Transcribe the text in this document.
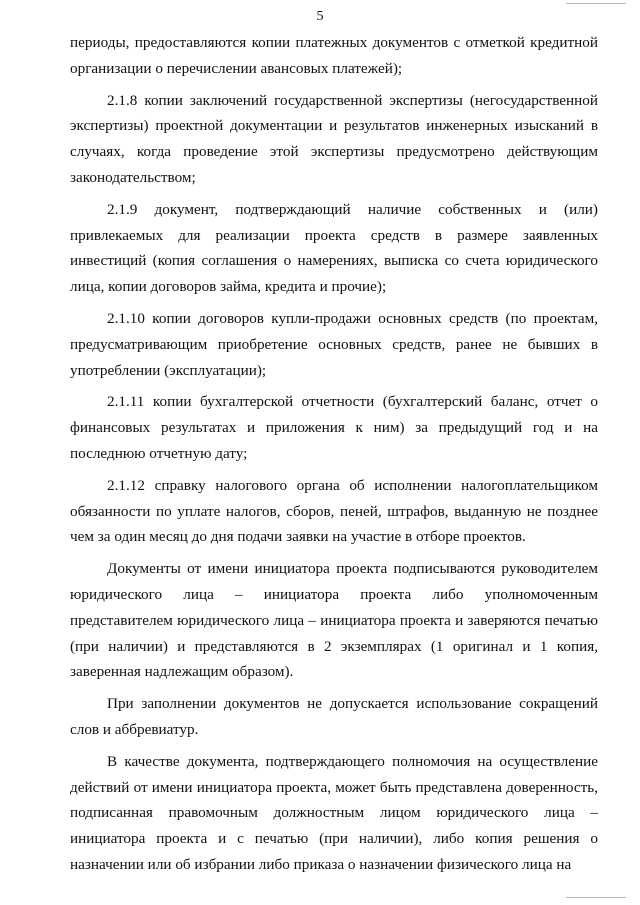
5

периоды, предоставляются копии платежных документов с отметкой кредитной организации о перечислении авансовых платежей);

2.1.8 копии заключений государственной экспертизы (негосударственной экспертизы) проектной документации и результатов инженерных изысканий в случаях, когда проведение этой экспертизы предусмотрено действующим законодательством;

2.1.9 документ, подтверждающий наличие собственных и (или) привлекаемых для реализации проекта средств в размере заявленных инвестиций (копия соглашения о намерениях, выписка со счета юридического лица, копии договоров займа, кредита и прочие);

2.1.10 копии договоров купли-продажи основных средств (по проектам, предусматривающим приобретение основных средств, ранее не бывших в употреблении (эксплуатации);

2.1.11 копии бухгалтерской отчетности (бухгалтерский баланс, отчет о финансовых результатах и приложения к ним) за предыдущий год и на последнюю отчетную дату;

2.1.12 справку налогового органа об исполнении налогоплательщиком обязанности по уплате налогов, сборов, пеней, штрафов, выданную не позднее чем за один месяц до дня подачи заявки на участие в отборе проектов.

Документы от имени инициатора проекта подписываются руководителем юридического лица – инициатора проекта либо уполномоченным представителем юридического лица – инициатора проекта и заверяются печатью (при наличии) и представляются в 2 экземплярах (1 оригинал и 1 копия, заверенная надлежащим образом).

При заполнении документов не допускается использование сокращений слов и аббревиатур.

В качестве документа, подтверждающего полномочия на осуществление действий от имени инициатора проекта, может быть представлена доверенность, подписанная правомочным должностным лицом юридического лица – инициатора проекта и с печатью (при наличии), либо копия решения о назначении или об избрании либо приказа о назначении физического лица на
